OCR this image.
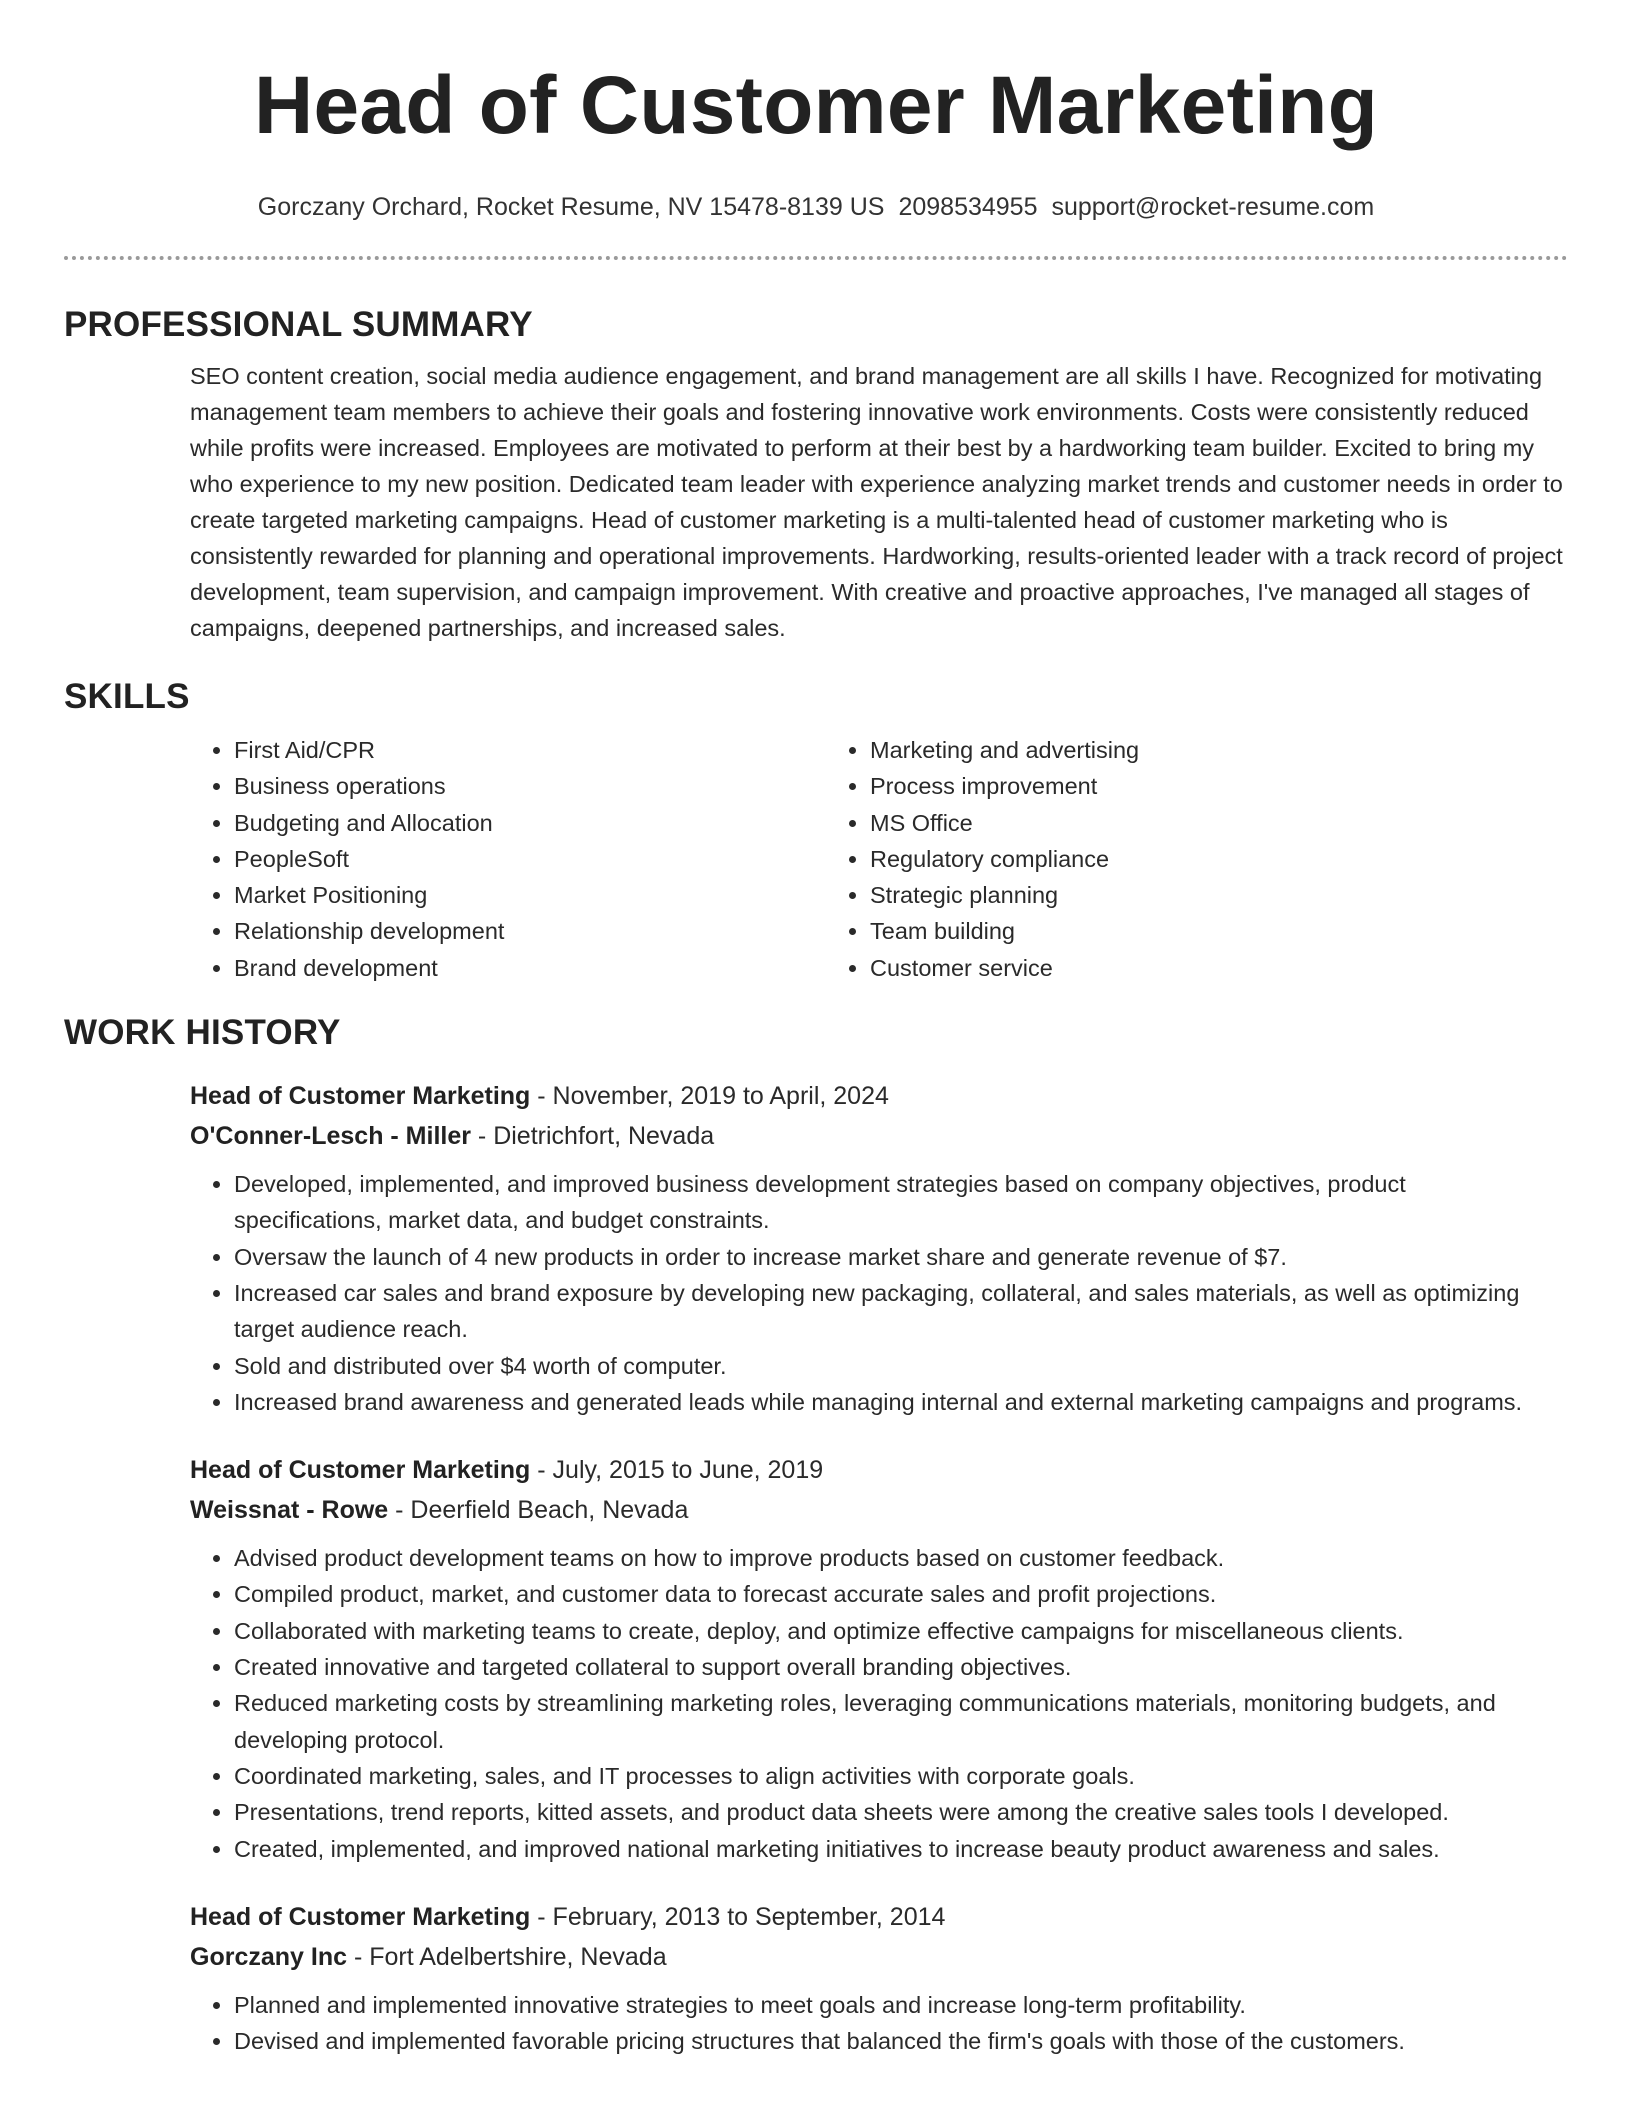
Head of Customer Marketing
Gorczany Orchard, Rocket Resume, NV 15478-8139 US 2098534955 support@rocket-resume.com
PROFESSIONAL SUMMARY
SEO content creation, social media audience engagement, and brand management are all skills I have. Recognized for motivating management team members to achieve their goals and fostering innovative work environments. Costs were consistently reduced while profits were increased. Employees are motivated to perform at their best by a hardworking team builder. Excited to bring my who experience to my new position. Dedicated team leader with experience analyzing market trends and customer needs in order to create targeted marketing campaigns. Head of customer marketing is a multi-talented head of customer marketing who is consistently rewarded for planning and operational improvements. Hardworking, results-oriented leader with a track record of project development, team supervision, and campaign improvement. With creative and proactive approaches, I've managed all stages of campaigns, deepened partnerships, and increased sales.
SKILLS
• First Aid/CPR
• Business operations
• Budgeting and Allocation
• PeopleSoft
• Market Positioning
• Relationship development
• Brand development
• Marketing and advertising
• Process improvement
• MS Office
• Regulatory compliance
• Strategic planning
• Team building
• Customer service
WORK HISTORY
Head of Customer Marketing - November, 2019 to April, 2024
O'Conner-Lesch - Miller - Dietrichfort, Nevada
• Developed, implemented, and improved business development strategies based on company objectives, product specifications, market data, and budget constraints.
• Oversaw the launch of 4 new products in order to increase market share and generate revenue of $7.
• Increased car sales and brand exposure by developing new packaging, collateral, and sales materials, as well as optimizing target audience reach.
• Sold and distributed over $4 worth of computer.
• Increased brand awareness and generated leads while managing internal and external marketing campaigns and programs.
Head of Customer Marketing - July, 2015 to June, 2019
Weissnat - Rowe - Deerfield Beach, Nevada
• Advised product development teams on how to improve products based on customer feedback.
• Compiled product, market, and customer data to forecast accurate sales and profit projections.
• Collaborated with marketing teams to create, deploy, and optimize effective campaigns for miscellaneous clients.
• Created innovative and targeted collateral to support overall branding objectives.
• Reduced marketing costs by streamlining marketing roles, leveraging communications materials, monitoring budgets, and developing protocol.
• Coordinated marketing, sales, and IT processes to align activities with corporate goals.
• Presentations, trend reports, kitted assets, and product data sheets were among the creative sales tools I developed.
• Created, implemented, and improved national marketing initiatives to increase beauty product awareness and sales.
Head of Customer Marketing - February, 2013 to September, 2014
Gorczany Inc - Fort Adelbertshire, Nevada
• Planned and implemented innovative strategies to meet goals and increase long-term profitability.
• Devised and implemented favorable pricing structures that balanced the firm's goals with those of the customers.
